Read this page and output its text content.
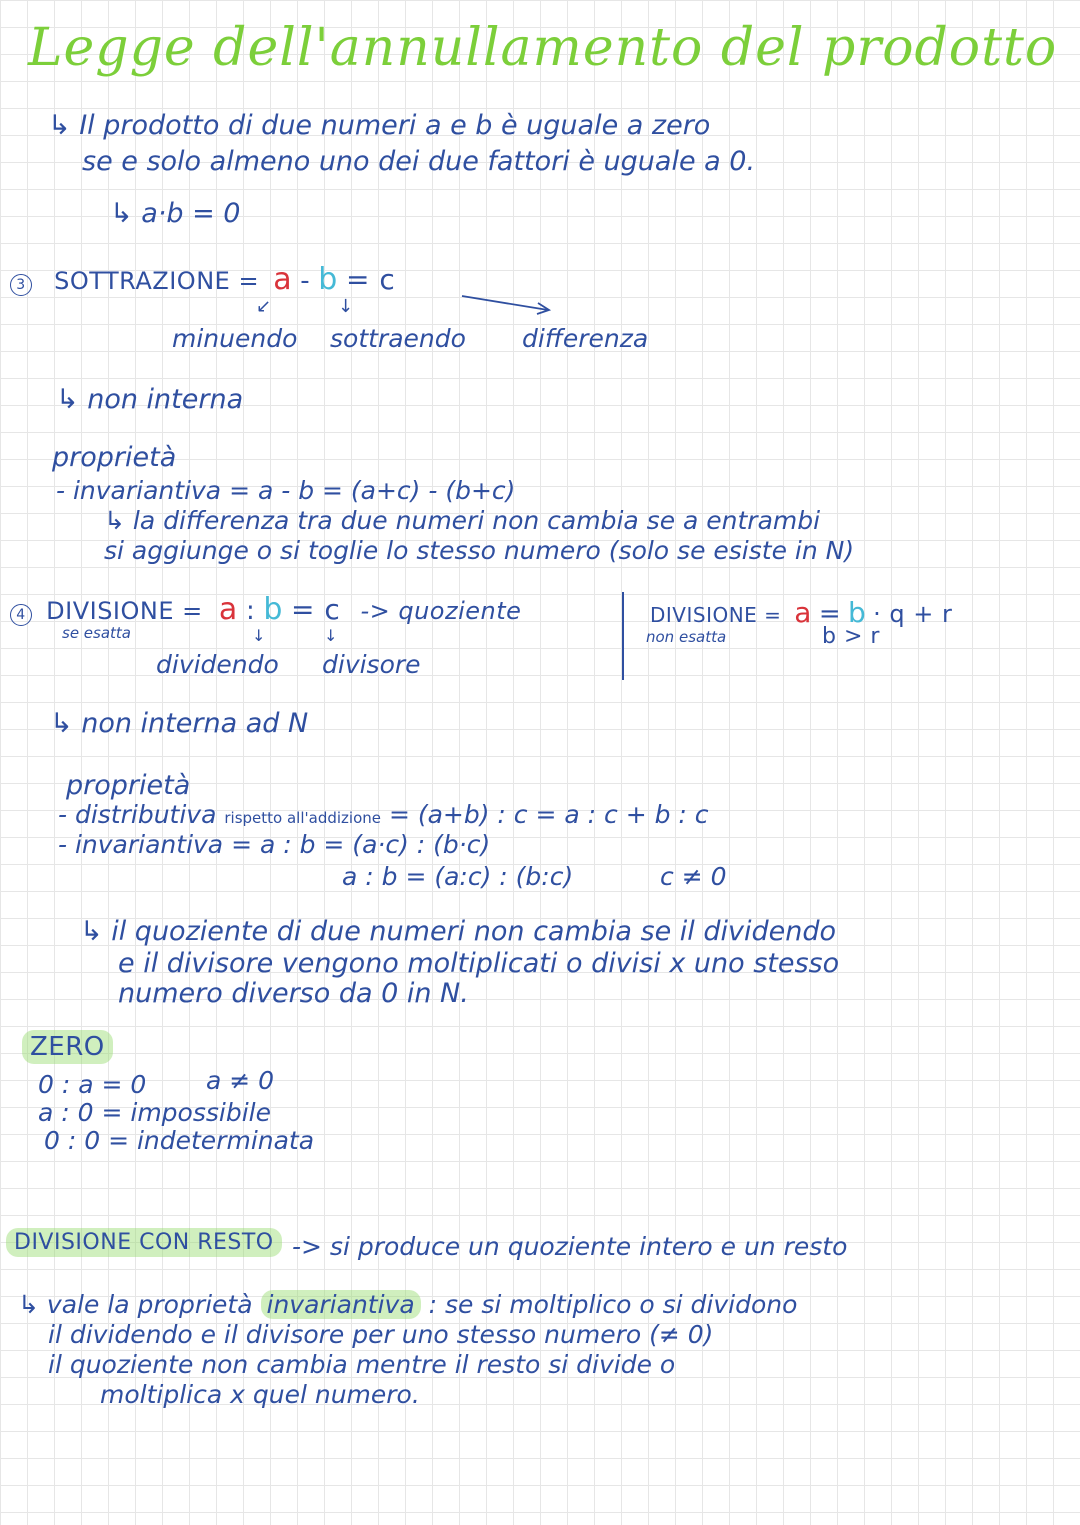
Legge dell'annullamento del prodotto
↳ Il prodotto di due numeri a e b è uguale a zero
se e solo almeno uno dei due fattori è uguale a 0.
↳ a·b = 0
3 SOTTRAZIONE = a - b = c
↙	↓
minuendo sottraendo differenza
↳ non interna
proprietà
- invariantiva = a - b = (a+c) - (b+c)
↳ la differenza tra due numeri non cambia se a entrambi
si aggiunge o si toglie lo stesso numero (solo se esiste in N)
4 DIVISIONE = a : b = c -> quoziente
se esatta	↓	↓
dividendo divisore
DIVISIONE = a = b · q + r
non esatta	b > r
↳ non interna ad N
proprietà
- distributiva rispetto all'addizione = (a+b) : c = a : c + b : c
- invariantiva = a : b = (a·c) : (b·c)
a : b = (a:c) : (b:c)	c ≠ 0
↳ il quoziente di due numeri non cambia se il dividendo
e il divisore vengono moltiplicati o divisi x uno stesso
numero diverso da 0 in N.
ZERO
0 : a = 0 a ≠ 0
a : 0 = impossibile
0 : 0 = indeterminata
DIVISIONE CON RESTO -> si produce un quoziente intero e un resto
↳ vale la proprietà invariantiva : se si moltiplico o si dividono
il dividendo e il divisore per uno stesso numero (≠ 0)
il quoziente non cambia mentre il resto si divide o
moltiplica x quel numero.
